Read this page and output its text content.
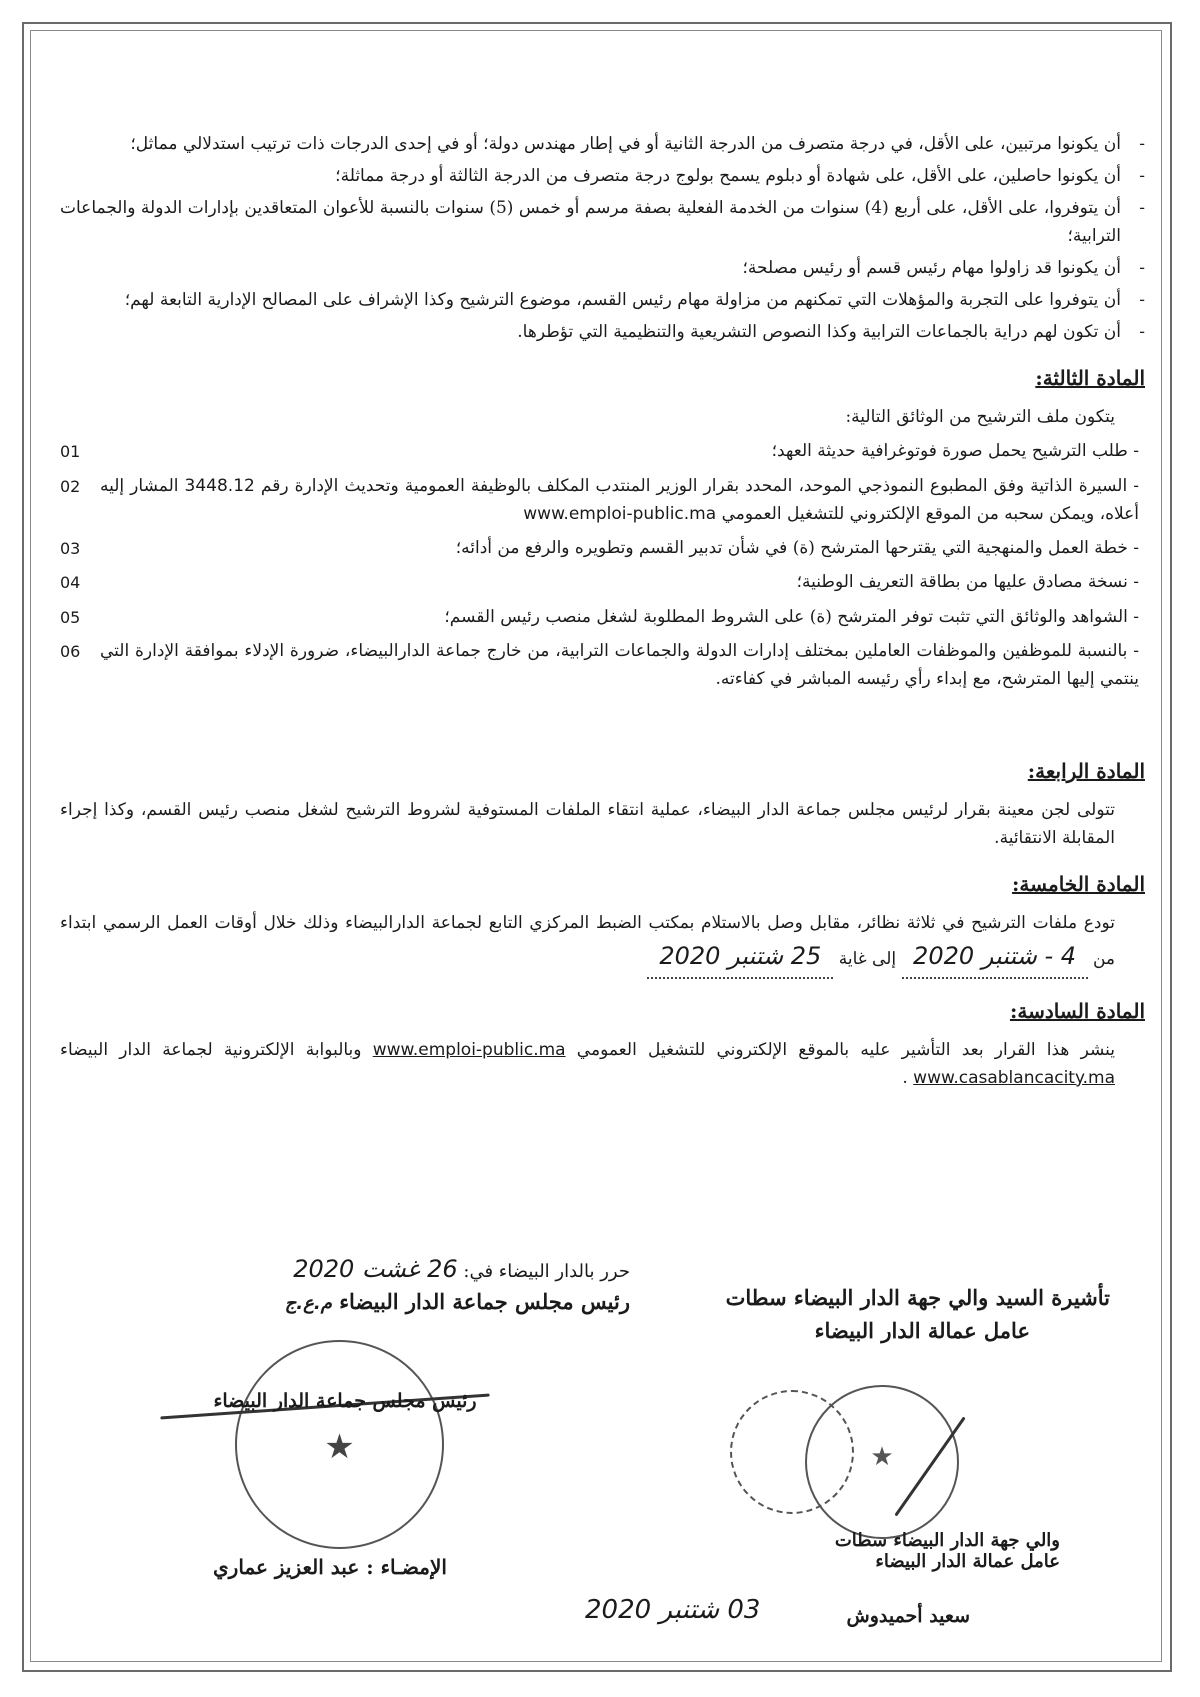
- أن يكونوا مرتبين، على الأقل، في درجة متصرف من الدرجة الثانية أو في إطار مهندس دولة؛ أو في إحدى الدرجات ذات ترتيب استدلالي مماثل؛
- أن يكونوا حاصلين، على الأقل، على شهادة أو دبلوم يسمح بولوج درجة متصرف من الدرجة الثالثة أو درجة مماثلة؛
- أن يتوفروا، على الأقل، على أربع (4) سنوات من الخدمة الفعلية بصفة مرسم أو خمس (5) سنوات بالنسبة للأعوان المتعاقدين بإدارات الدولة والجماعات الترابية؛
- أن يكونوا قد زاولوا مهام رئيس قسم أو رئيس مصلحة؛
- أن يتوفروا على التجربة والمؤهلات التي تمكنهم من مزاولة مهام رئيس القسم، موضوع الترشيح وكذا الإشراف على المصالح الإدارية التابعة لهم؛
- أن تكون لهم دراية بالجماعات الترابية وكذا النصوص التشريعية والتنظيمية التي تؤطرها.
المادة الثالثة:
يتكون ملف الترشيح من الوثائق التالية:
- طلب الترشيح يحمل صورة فوتوغرافية حديثة العهد؛
01
- السيرة الذاتية وفق المطبوع النموذجي الموحد، المحدد بقرار الوزير المنتدب المكلف بالوظيفة العمومية وتحديث الإدارة رقم 3448.12 المشار إليه أعلاه، ويمكن سحبه من الموقع الإلكتروني للتشغيل العمومي www.emploi-public.ma
02
- خطة العمل والمنهجية التي يقترحها المترشح (ة) في شأن تدبير القسم وتطويره والرفع من أدائه؛
03
- نسخة مصادق عليها من بطاقة التعريف الوطنية؛
04
- الشواهد والوثائق التي تثبت توفر المترشح (ة) على الشروط المطلوبة لشغل منصب رئيس القسم؛
05
- بالنسبة للموظفين والموظفات العاملين بمختلف إدارات الدولة والجماعات الترابية، من خارج جماعة الدارالبيضاء، ضرورة الإدلاء بموافقة الإدارة التي ينتمي إليها المترشح، مع إبداء رأي رئيسه المباشر في كفاءته.
06
المادة الرابعة:
تتولى لجن معينة بقرار لرئيس مجلس جماعة الدار البيضاء، عملية انتقاء الملفات المستوفية لشروط الترشيح لشغل منصب رئيس القسم، وكذا إجراء المقابلة الانتقائية.
المادة الخامسة:
تودع ملفات الترشيح في ثلاثة نظائر، مقابل وصل بالاستلام بمكتب الضبط المركزي التابع لجماعة الدارالبيضاء وذلك خلال أوقات العمل الرسمي ابتداء من 4 - شتنبر 2020 إلى غاية 25 شتنبر 2020
المادة السادسة:
ينشر هذا القرار بعد التأشير عليه بالموقع الإلكتروني للتشغيل العمومي www.emploi-public.ma وبالبوابة الإلكترونية لجماعة الدار البيضاء www.casablancacity.ma .
حرر بالدار البيضاء في: 26 غشت 2020
رئيس مجلس جماعة الدار البيضاء م.ع.ج
★
رئيس مجلس جماعة الدار البيضاء
الإمضـاء : عبد العزيز عماري
تأشيرة السيد والي جهة الدار البيضاء سطات
عامل عمالة الدار البيضاء
★
والي جهة الدار البيضاء سطات
عامل عمالة الدار البيضاء
سعيد أحميدوش
03 شتنبر 2020
